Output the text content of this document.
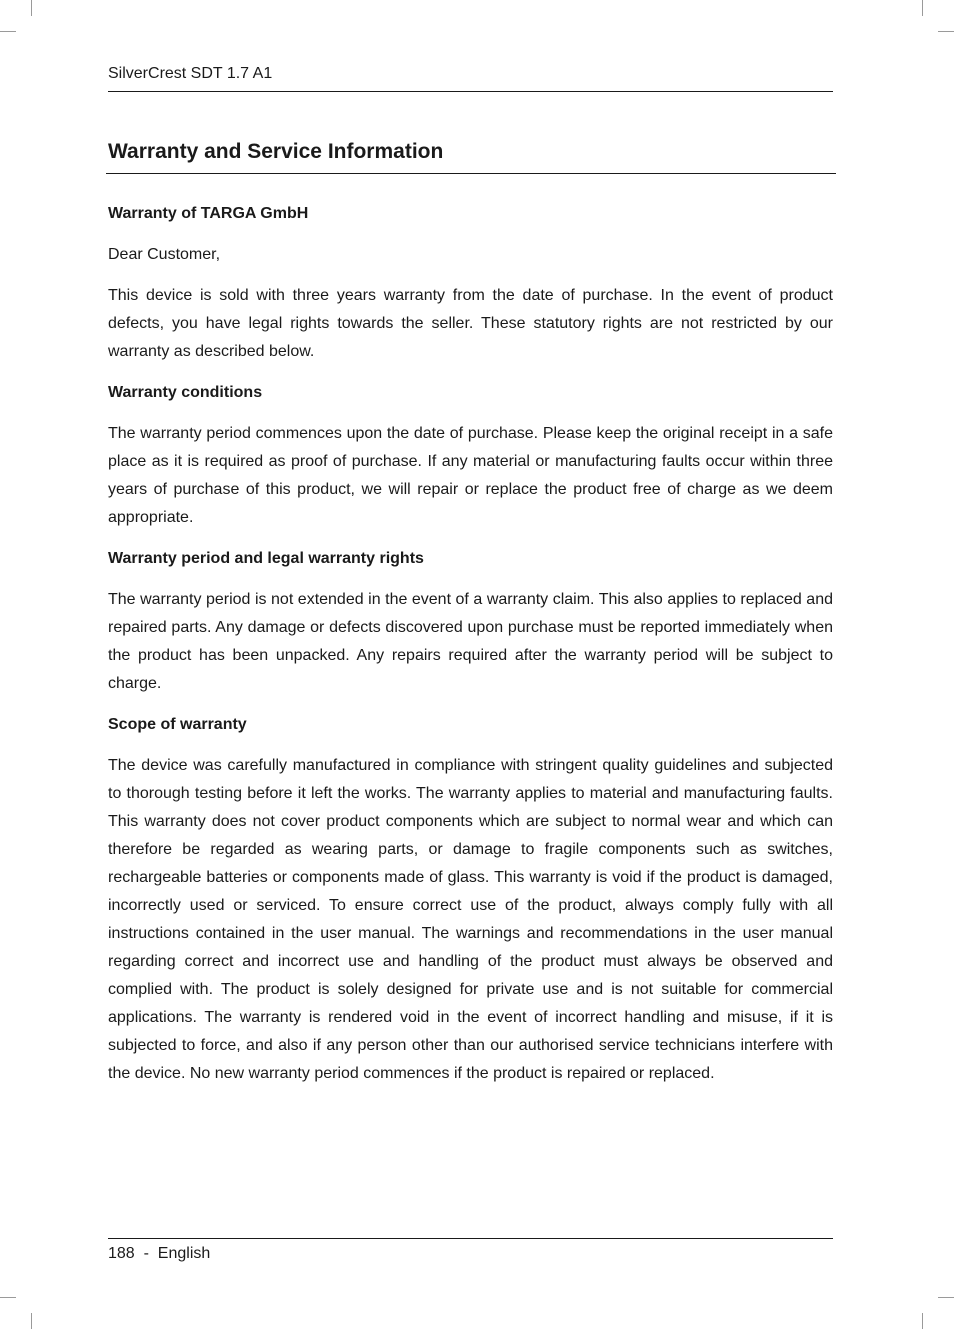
SilverCrest SDT 1.7 A1
Warranty and Service Information
Warranty of TARGA GmbH

Dear Customer,

This device is sold with three years warranty from the date of purchase. In the event of product defects, you have legal rights towards the seller. These statutory rights are not restricted by our warranty as described below.

Warranty conditions

The warranty period commences upon the date of purchase. Please keep the original receipt in a safe place as it is required as proof of purchase. If any material or manufacturing faults occur within three years of purchase of this product, we will repair or replace the product free of charge as we deem appropriate.

Warranty period and legal warranty rights

The warranty period is not extended in the event of a warranty claim. This also applies to replaced and repaired parts. Any damage or defects discovered upon purchase must be reported immediately when the product has been unpacked. Any repairs required after the warranty period will be subject to charge.

Scope of warranty

The device was carefully manufactured in compliance with stringent quality guidelines and subjected to thorough testing before it left the works. The warranty applies to material and manufacturing faults. This warranty does not cover product components which are subject to normal wear and which can therefore be regarded as wearing parts, or damage to fragile components such as switches, rechargeable batteries or components made of glass. This warranty is void if the product is damaged, incorrectly used or serviced. To ensure correct use of the product, always comply fully with all instructions contained in the user manual. The warnings and recommendations in the user manual regarding correct and incorrect use and handling of the product must always be observed and complied with. The product is solely designed for private use and is not suitable for commercial applications. The warranty is rendered void in the event of incorrect handling and misuse, if it is subjected to force, and also if any person other than our authorised service technicians interfere with the device. No new warranty period commences if the product is repaired or replaced.

188  -  English
